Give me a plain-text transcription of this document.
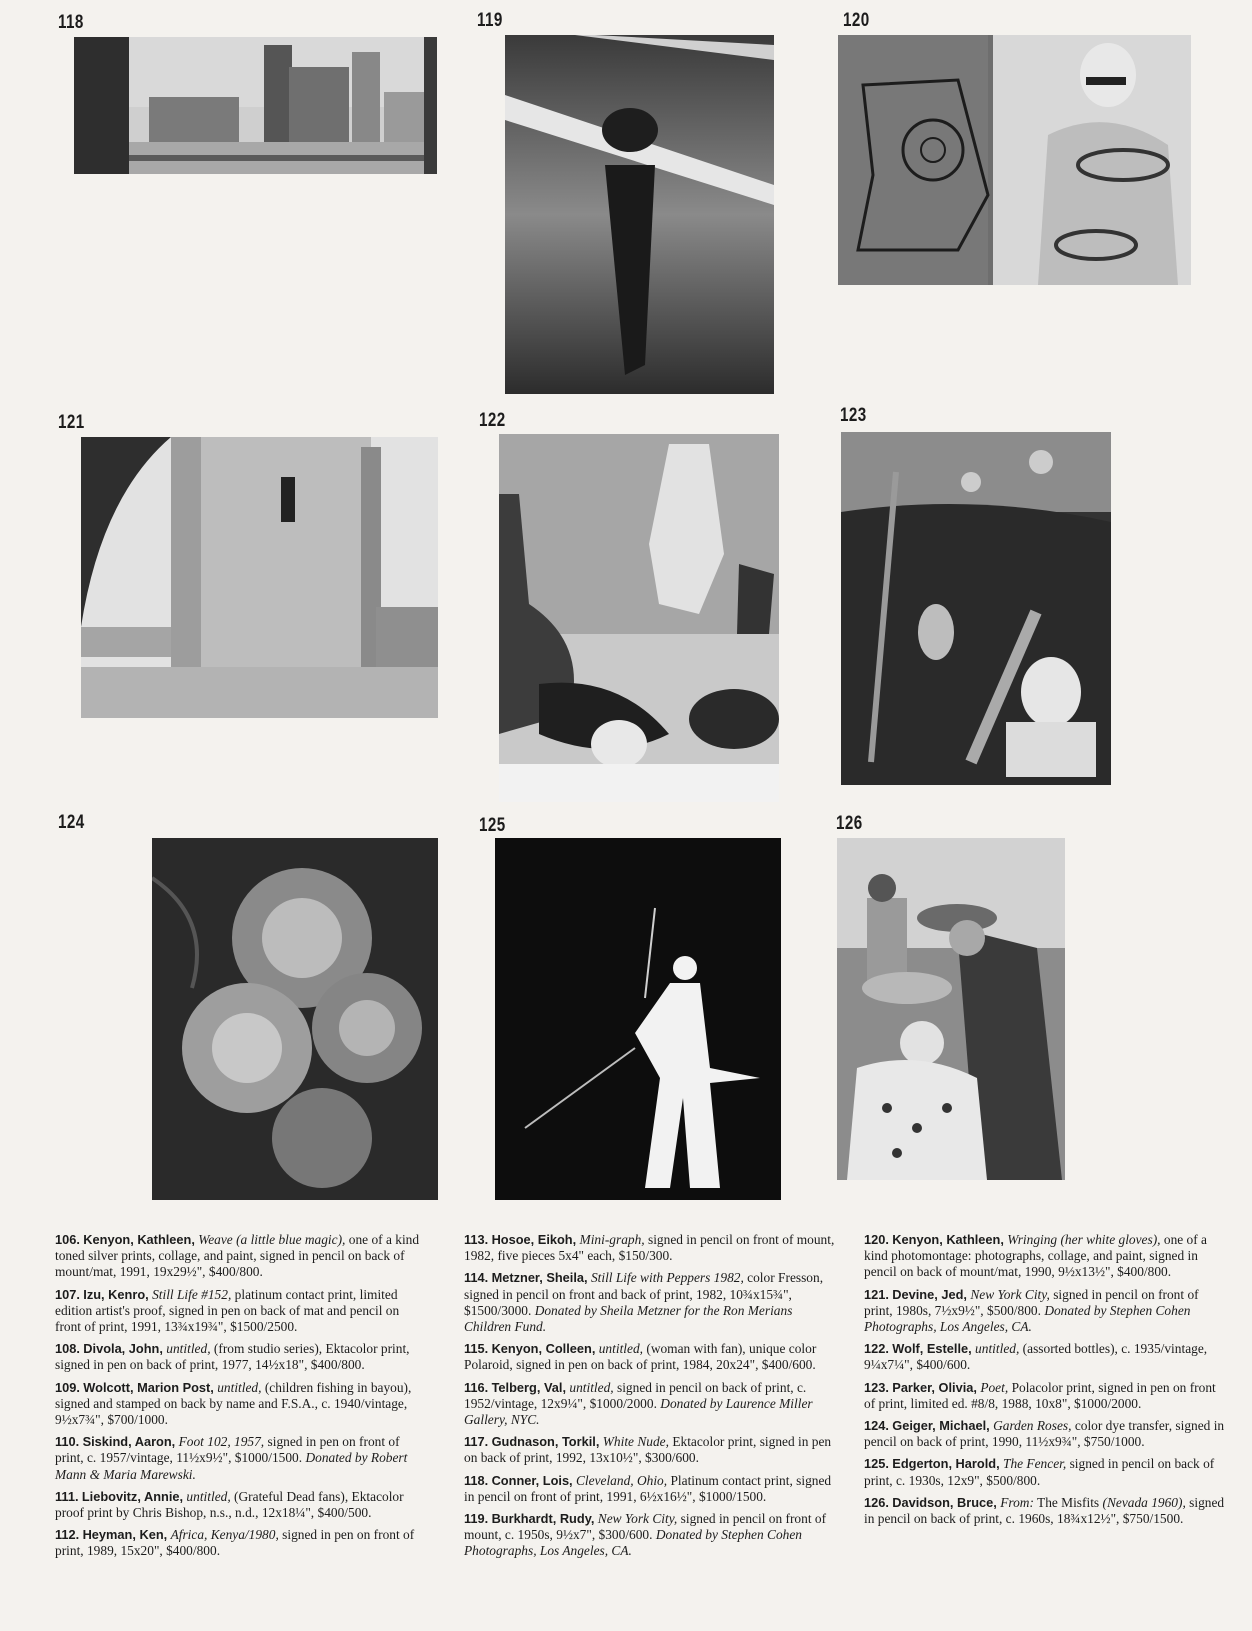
118	119	120
121	122	123
124	125	126

106. Kenyon, Kathleen, Weave (a little blue magic), one of a kind toned silver prints, collage, and paint, signed in pencil on back of mount/mat, 1991, 19x29½", $400/800.

107. Izu, Kenro, Still Life #152, platinum contact print, limited edition artist's proof, signed in pen on back of mat and pencil on front of print, 1991, 13¾x19¾", $1500/2500.

108. Divola, John, untitled, (from studio series), Ektacolor print, signed in pen on back of print, 1977, 14½x18", $400/800.

109. Wolcott, Marion Post, untitled, (children fishing in bayou), signed and stamped on back by name and F.S.A., c. 1940/vintage, 9½x7¾", $700/1000.

110. Siskind, Aaron, Foot 102, 1957, signed in pen on front of print, c. 1957/vintage, 11½x9½", $1000/1500. Donated by Robert Mann & Maria Marewski.

111. Liebovitz, Annie, untitled, (Grateful Dead fans), Ektacolor proof print by Chris Bishop, n.s., n.d., 12x18¼", $400/500.

112. Heyman, Ken, Africa, Kenya/1980, signed in pen on front of print, 1989, 15x20", $400/800.

113. Hosoe, Eikoh, Mini-graph, signed in pencil on front of mount, 1982, five pieces 5x4" each, $150/300.

114. Metzner, Sheila, Still Life with Peppers 1982, color Fresson, signed in pencil on front and back of print, 1982, 10¾x15¾", $1500/3000. Donated by Sheila Metzner for the Ron Merians Children Fund.

115. Kenyon, Colleen, untitled, (woman with fan), unique color Polaroid, signed in pen on back of print, 1984, 20x24", $400/600.

116. Telberg, Val, untitled, signed in pencil on back of print, c. 1952/vintage, 12x9¼", $1000/2000. Donated by Laurence Miller Gallery, NYC.

117. Gudnason, Torkil, White Nude, Ektacolor print, signed in pen on back of print, 1992, 13x10½", $300/600.

118. Conner, Lois, Cleveland, Ohio, Platinum contact print, signed in pencil on front of print, 1991, 6½x16½", $1000/1500.

119. Burkhardt, Rudy, New York City, signed in pencil on front of mount, c. 1950s, 9½x7", $300/600. Donated by Stephen Cohen Photographs, Los Angeles, CA.

120. Kenyon, Kathleen, Wringing (her white gloves), one of a kind photomontage: photographs, collage, and paint, signed in pencil on back of mount/mat, 1990, 9½x13½", $400/800.

121. Devine, Jed, New York City, signed in pencil on front of print, 1980s, 7½x9½", $500/800. Donated by Stephen Cohen Photographs, Los Angeles, CA.

122. Wolf, Estelle, untitled, (assorted bottles), c. 1935/vintage, 9¼x7¼", $400/600.

123. Parker, Olivia, Poet, Polacolor print, signed in pen on front of print, limited ed. #8/8, 1988, 10x8", $1000/2000.

124. Geiger, Michael, Garden Roses, color dye transfer, signed in pencil on back of print, 1990, 11½x9¾", $750/1000.

125. Edgerton, Harold, The Fencer, signed in pencil on back of print, c. 1930s, 12x9", $500/800.

126. Davidson, Bruce, From: The Misfits (Nevada 1960), signed in pencil on back of print, c. 1960s, 18¾x12½", $750/1500.
